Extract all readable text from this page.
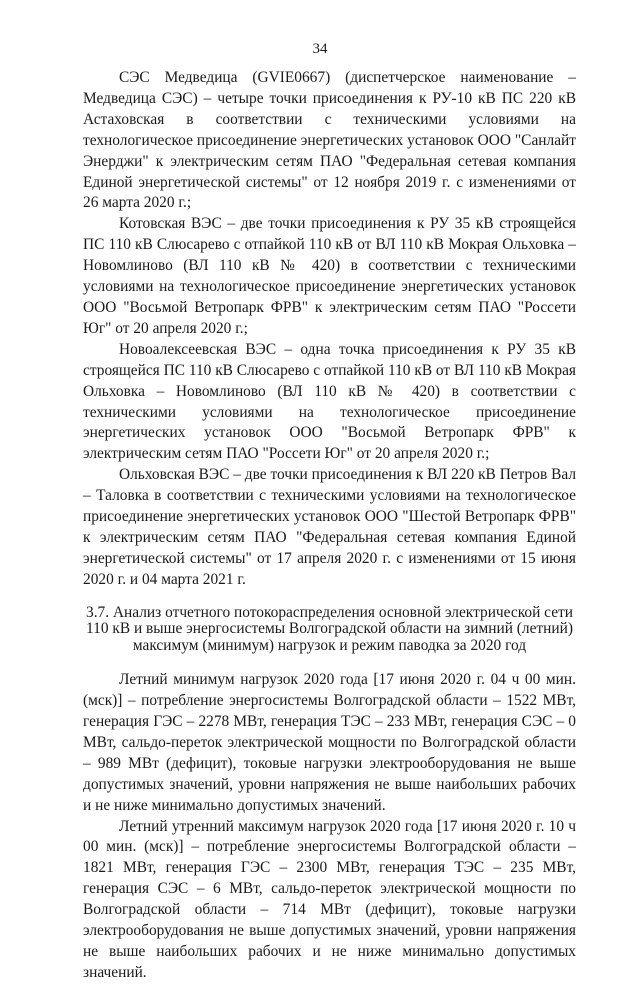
34

СЭС Медведица (GVIE0667) (диспетчерское наименование – Медведица СЭС) – четыре точки присоединения к РУ-10 кВ ПС 220 кВ Астаховская в соответствии с техническими условиями на технологическое присоединение энергетических установок ООО "Санлайт Энерджи" к электрическим сетям ПАО "Федеральная сетевая компания Единой энергетической системы" от 12 ноября 2019 г. с изменениями от 26 марта 2020 г.;

Котовская ВЭС – две точки присоединения к РУ 35 кВ строящейся ПС 110 кВ Слюсарево с отпайкой 110 кВ от ВЛ 110 кВ Мокрая Ольховка – Новомлиново (ВЛ 110 кВ № 420) в соответствии с техническими условиями на технологическое присоединение энергетических установок ООО "Восьмой Ветропарк ФРВ" к электрическим сетям ПАО "Россети Юг" от 20 апреля 2020 г.;

Новоалексеевская ВЭС – одна точка присоединения к РУ 35 кВ строящейся ПС 110 кВ Слюсарево с отпайкой 110 кВ от ВЛ 110 кВ Мокрая Ольховка – Новомлиново (ВЛ 110 кВ № 420) в соответствии с техническими условиями на технологическое присоединение энергетических установок ООО "Восьмой Ветропарк ФРВ" к электрическим сетям ПАО "Россети Юг" от 20 апреля 2020 г.;

Ольховская ВЭС – две точки присоединения к ВЛ 220 кВ Петров Вал – Таловка в соответствии с техническими условиями на технологическое присоединение энергетических установок ООО "Шестой Ветропарк ФРВ" к электрическим сетям ПАО "Федеральная сетевая компания Единой энергетической системы" от 17 апреля 2020 г. с изменениями от 15 июня 2020 г. и 04 марта 2021 г.

3.7. Анализ отчетного потокораспределения основной электрической сети
110 кВ и выше энергосистемы Волгоградской области на зимний (летний)
максимум (минимум) нагрузок и режим паводка за 2020 год

Летний минимум нагрузок 2020 года [17 июня 2020 г. 04 ч 00 мин. (мск)] – потребление энергосистемы Волгоградской области – 1522 МВт, генерация ГЭС – 2278 МВт, генерация ТЭС – 233 МВт, генерация СЭС – 0 МВт, сальдо-переток электрической мощности по Волгоградской области – 989 МВт (дефицит), токовые нагрузки электрооборудования не выше допустимых значений, уровни напряжения не выше наибольших рабочих и не ниже минимально допустимых значений.

Летний утренний максимум нагрузок 2020 года [17 июня 2020 г. 10 ч 00 мин. (мск)] – потребление энергосистемы Волгоградской области – 1821 МВт, генерация ГЭС – 2300 МВт, генерация ТЭС – 235 МВт, генерация СЭС – 6 МВт, сальдо-переток электрической мощности по Волгоградской области – 714 МВт (дефицит), токовые нагрузки электрооборудования не выше допустимых значений, уровни напряжения не выше наибольших рабочих и не ниже минимально допустимых значений.
